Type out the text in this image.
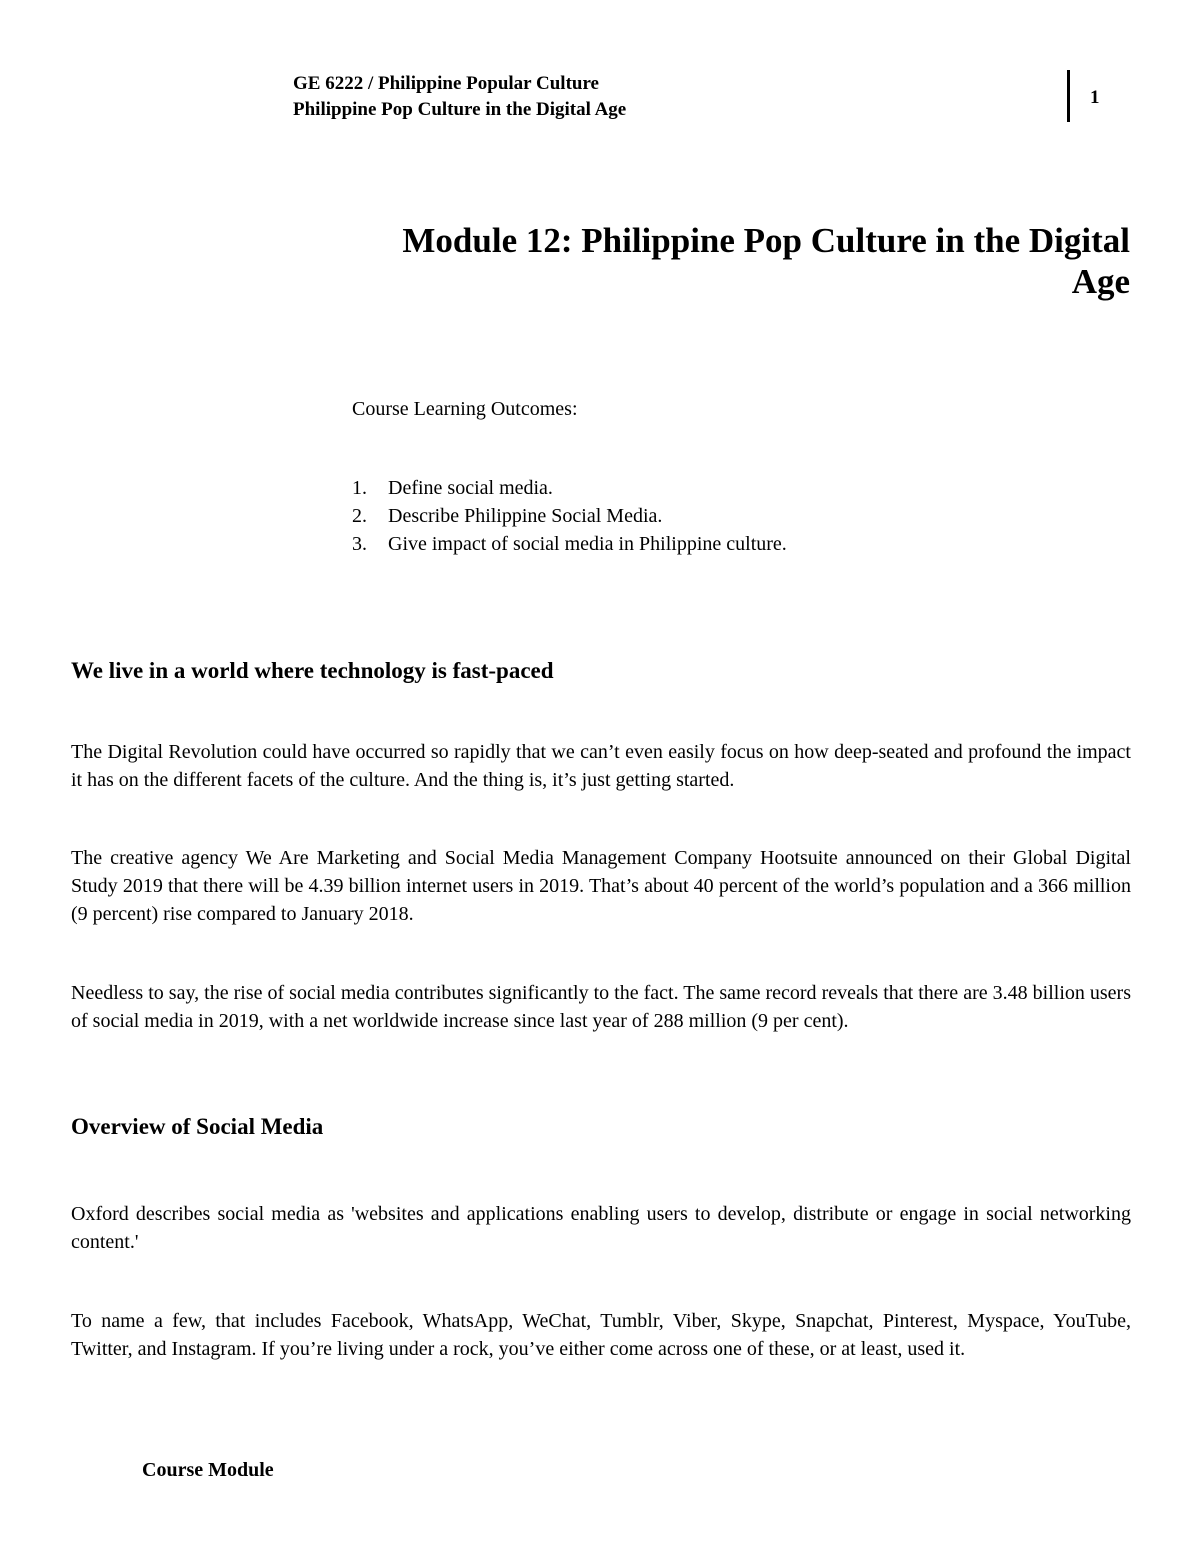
GE 6222 / Philippine Popular Culture
Philippine Pop Culture in the Digital Age
1
Module 12: Philippine Pop Culture in the Digital
Age
Course Learning Outcomes:
1.	Define social media.
2.	Describe Philippine Social Media.
3.	Give impact of social media in Philippine culture.
We live in a world where technology is fast-paced

The Digital Revolution could have occurred so rapidly that we can’t even easily focus on how deep-seated and profound the impact it has on the different facets of the culture. And the thing is, it’s just getting started.

The creative agency We Are Marketing and Social Media Management Company Hootsuite announced on their Global Digital Study 2019 that there will be 4.39 billion internet users in 2019. That’s about 40 percent of the world’s population and a 366 million (9 percent) rise compared to January 2018.

Needless to say, the rise of social media contributes significantly to the fact. The same record reveals that there are 3.48 billion users of social media in 2019, with a net worldwide increase since last year of 288 million (9 per cent).

Overview of Social Media

Oxford describes social media as 'websites and applications enabling users to develop, distribute or engage in social networking content.'

To name a few, that includes Facebook, WhatsApp, WeChat, Tumblr, Viber, Skype, Snapchat, Pinterest, Myspace, YouTube, Twitter, and Instagram. If you’re living under a rock, you’ve either come across one of these, or at least, used it.

Course Module
